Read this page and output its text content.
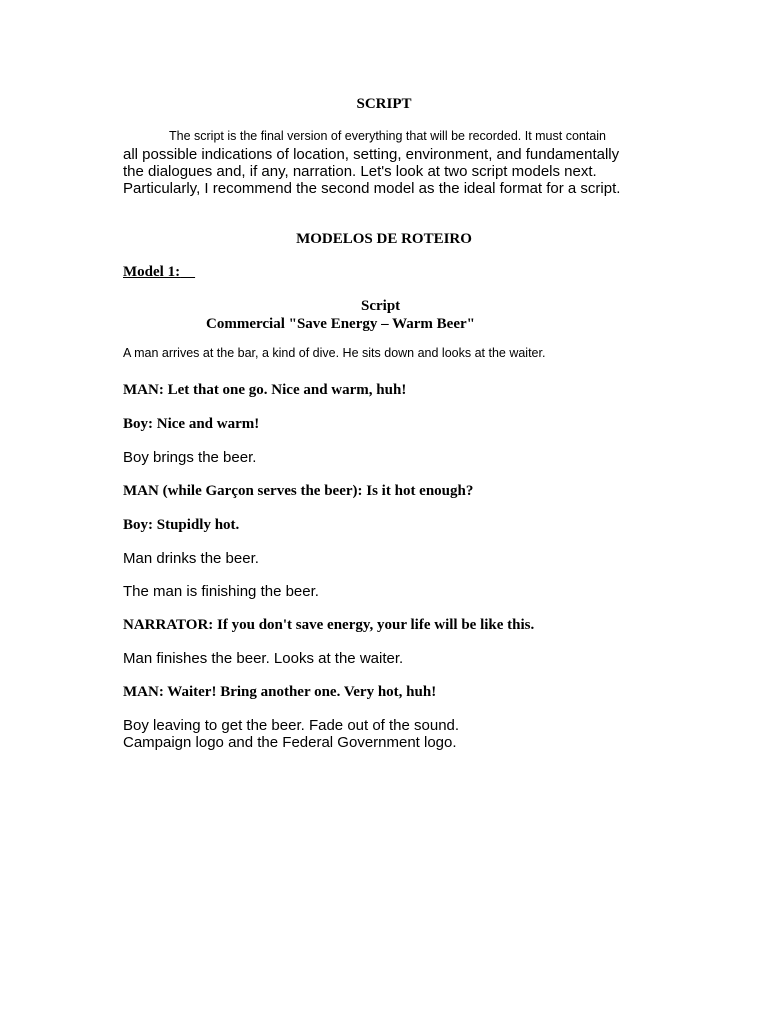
SCRIPT
The script is the final version of everything that will be recorded. It must contain
all possible indications of location, setting, environment, and fundamentally
the dialogues and, if any, narration. Let's look at two script models next.
Particularly, I recommend the second model as the ideal format for a script.
MODELOS DE ROTEIRO
Model 1:
Script
Commercial "Save Energy – Warm Beer"
A man arrives at the bar, a kind of dive. He sits down and looks at the waiter.
MAN: Let that one go. Nice and warm, huh!
Boy: Nice and warm!
Boy brings the beer.
MAN (while Garçon serves the beer): Is it hot enough?
Boy: Stupidly hot.
Man drinks the beer.
The man is finishing the beer.
NARRATOR: If you don't save energy, your life will be like this.
Man finishes the beer. Looks at the waiter.
MAN: Waiter! Bring another one. Very hot, huh!
Boy leaving to get the beer. Fade out of the sound.
Campaign logo and the Federal Government logo.
